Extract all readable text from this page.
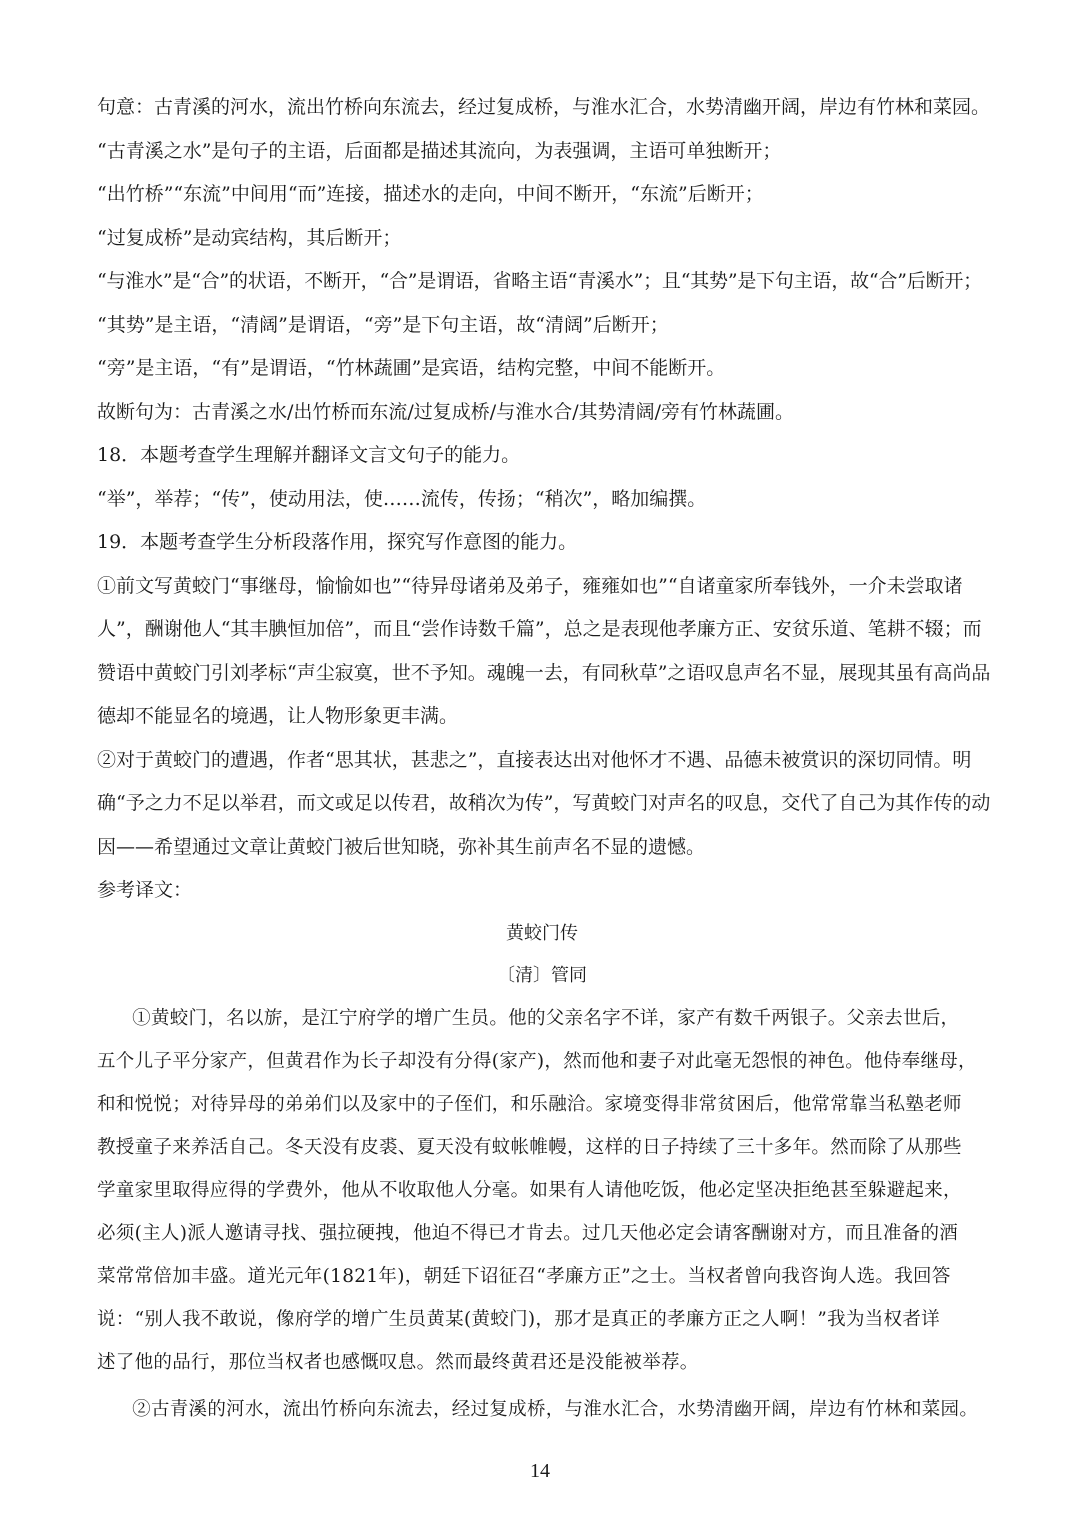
句意：古青溪的河水，流出竹桥向东流去，经过复成桥，与淮水汇合，水势清幽开阔，岸边有竹林和菜园。

“古青溪之水”是句子的主语，后面都是描述其流向，为表强调，主语可单独断开；

“出竹桥”“东流”中间用“而”连接，描述水的走向，中间不断开，“东流”后断开；

“过复成桥”是动宾结构，其后断开；

“与淮水”是“合”的状语，不断开，“合”是谓语，省略主语“青溪水”；且“其势”是下句主语，故“合”后断开；

“其势”是主语，“清阔”是谓语，“旁”是下句主语，故“清阔”后断开；

“旁”是主语，“有”是谓语，“竹林蔬圃”是宾语，结构完整，中间不能断开。

故断句为：古青溪之水/出竹桥而东流/过复成桥/与淮水合/其势清阔/旁有竹林蔬圃。

18．本题考查学生理解并翻译文言文句子的能力。

“举”，举荐；“传”，使动用法，使……流传，传扬；“稍次”，略加编撰。

19．本题考查学生分析段落作用，探究写作意图的能力。

①前文写黄蛟门“事继母，愉愉如也”“待异母诸弟及弟子，雍雍如也”“自诸童家所奉钱外，一介未尝取诸

人”，酬谢他人“其丰腆恒加倍”，而且“尝作诗数千篇”，总之是表现他孝廉方正、安贫乐道、笔耕不辍；而

赞语中黄蛟门引刘孝标“声尘寂寞，世不予知。魂魄一去，有同秋草”之语叹息声名不显，展现其虽有高尚品

德却不能显名的境遇，让人物形象更丰满。

②对于黄蛟门的遭遇，作者“思其状，甚悲之”，直接表达出对他怀才不遇、品德未被赏识的深切同情。明

确“予之力不足以举君，而文或足以传君，故稍次为传”，写黄蛟门对声名的叹息，交代了自己为其作传的动

因——希望通过文章让黄蛟门被后世知晓，弥补其生前声名不显的遗憾。

参考译文：

黄蛟门传

〔清〕管同

①黄蛟门，名以旂，是江宁府学的增广生员。他的父亲名字不详，家产有数千两银子。父亲去世后，

五个儿子平分家产，但黄君作为长子却没有分得(家产)，然而他和妻子对此毫无怨恨的神色。他侍奉继母，

和和悦悦；对待异母的弟弟们以及家中的子侄们，和乐融洽。家境变得非常贫困后，他常常靠当私塾老师

教授童子来养活自己。冬天没有皮裘、夏天没有蚊帐帷幔，这样的日子持续了三十多年。然而除了从那些

学童家里取得应得的学费外，他从不收取他人分毫。如果有人请他吃饭，他必定坚决拒绝甚至躲避起来，

必须(主人)派人邀请寻找、强拉硬拽，他迫不得已才肯去。过几天他必定会请客酬谢对方，而且准备的酒

菜常常倍加丰盛。道光元年(1821年)，朝廷下诏征召“孝廉方正”之士。当权者曾向我咨询人选。我回答

说：“别人我不敢说，像府学的增广生员黄某(黄蛟门)，那才是真正的孝廉方正之人啊！”我为当权者详

述了他的品行，那位当权者也感慨叹息。然而最终黄君还是没能被举荐。

②古青溪的河水，流出竹桥向东流去，经过复成桥，与淮水汇合，水势清幽开阔，岸边有竹林和菜园。

14
